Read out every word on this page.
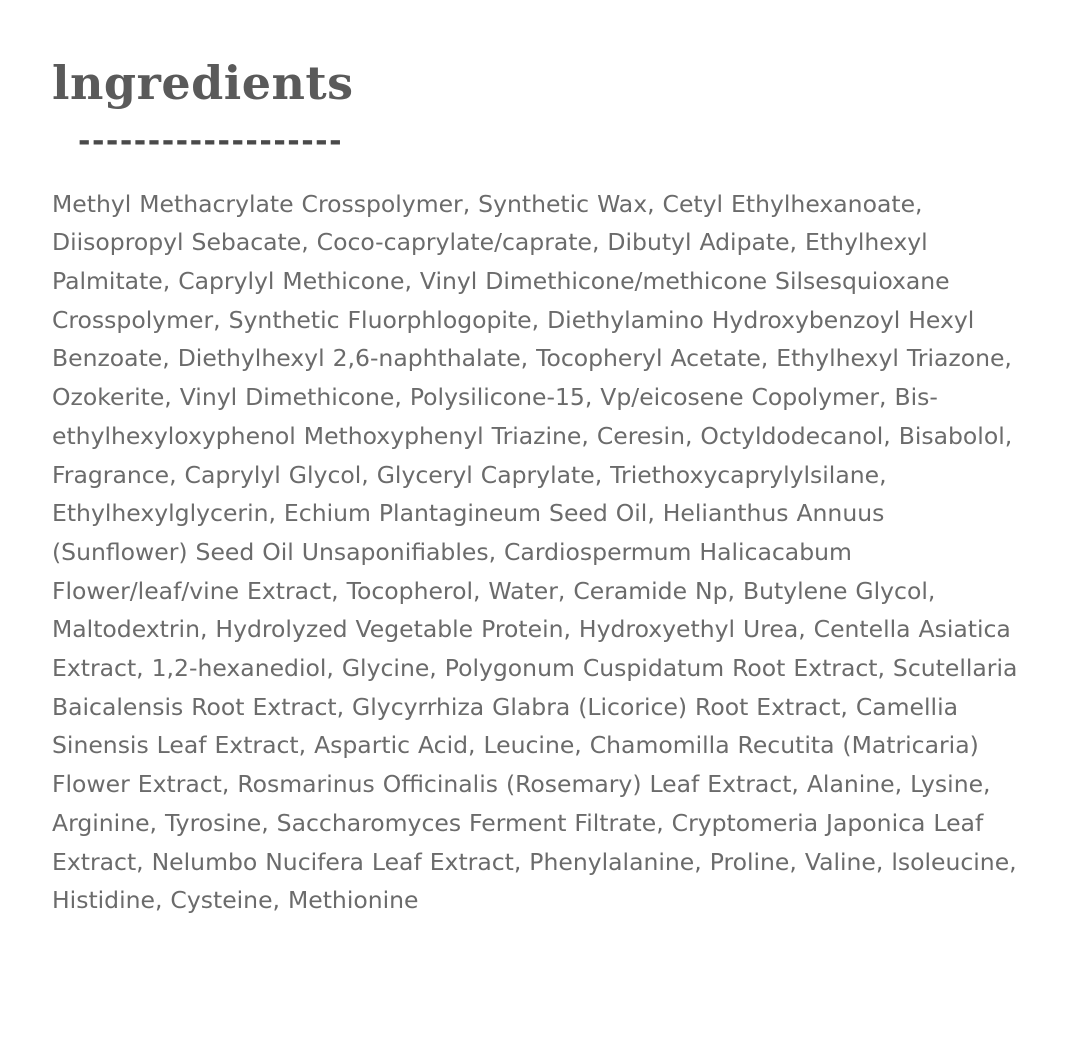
lngredients
-------------------

Methyl Methacrylate Crosspolymer, Synthetic Wax, Cetyl Ethylhexanoate, Diisopropyl Sebacate, Coco-caprylate/caprate, Dibutyl Adipate, Ethylhexyl Palmitate, Caprylyl Methicone, Vinyl Dimethicone/methicone Silsesquioxane Crosspolymer, Synthetic Fluorphlogopite, Diethylamino Hydroxybenzoyl Hexyl Benzoate, Diethylhexyl 2,6-naphthalate, Tocopheryl Acetate, Ethylhexyl Triazone, Ozokerite, Vinyl Dimethicone, Polysilicone-15, Vp/eicosene Copolymer, Bis-ethylhexyloxyphenol Methoxyphenyl Triazine, Ceresin, Octyldodecanol, Bisabolol, Fragrance, Caprylyl Glycol, Glyceryl Caprylate, Triethoxycaprylylsilane, Ethylhexylglycerin, Echium Plantagineum Seed Oil, Helianthus Annuus (Sunflower) Seed Oil Unsaponifiables, Cardiospermum Halicacabum Flower/leaf/vine Extract, Tocopherol, Water, Ceramide Np, Butylene Glycol, Maltodextrin, Hydrolyzed Vegetable Protein, Hydroxyethyl Urea, Centella Asiatica Extract, 1,2-hexanediol, Glycine, Polygonum Cuspidatum Root Extract, Scutellaria Baicalensis Root Extract, Glycyrrhiza Glabra (Licorice) Root Extract, Camellia Sinensis Leaf Extract, Aspartic Acid, Leucine, Chamomilla Recutita (Matricaria) Flower Extract, Rosmarinus Officinalis (Rosemary) Leaf Extract, Alanine, Lysine, Arginine, Tyrosine, Saccharomyces Ferment Filtrate, Cryptomeria Japonica Leaf Extract, Nelumbo Nucifera Leaf Extract, Phenylalanine, Proline, Valine, lsoleucine, Histidine, Cysteine, Methionine
